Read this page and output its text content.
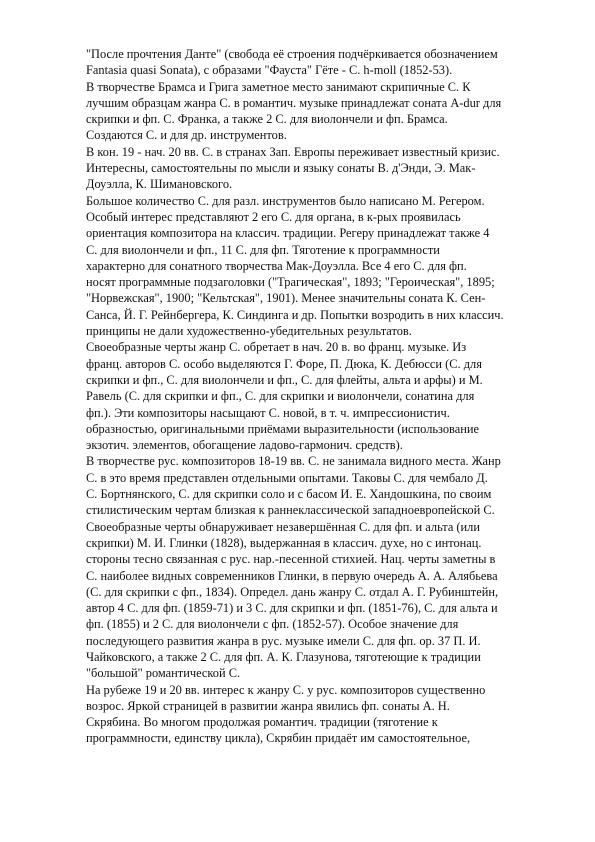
"После прочтения Данте" (свобода её строения подчёркивается обозначением
Fantasia quasi Sonata), с образами "Фауста" Гёте - С. h-moll (1852-53).
В творчестве Брамса и Грига заметное место занимают скрипичные С. К
лучшим образцам жанра С. в романтич. музыке принадлежат соната A-dur для
скрипки и фп. С. Франка, а также 2 С. для виолончели и фп. Брамса.
Создаются С. и для др. инструментов.
В кон. 19 - нач. 20 вв. С. в странах Зап. Европы переживает известный кризис.
Интересны, самостоятельны по мысли и языку сонаты В. д'Энди, Э. Мак-
Доуэлла, К. Шимановского.
Большое количество С. для разл. инструментов было написано М. Регером.
Особый интерес представляют 2 его С. для органа, в к-рых проявилась
ориентация композитора на классич. традиции. Регеру принадлежат также 4
С. для виолончели и фп., 11 С. для фп. Тяготение к программности
характерно для сонатного творчества Мак-Доуэлла. Все 4 его С. для фп.
носят программные подзаголовки ("Трагическая", 1893; "Героическая", 1895;
"Норвежская", 1900; "Кельтская", 1901). Менее значительны соната К. Сен-
Санса, Й. Г. Рейнбергера, К. Синдинга и др. Попытки возродить в них классич.
принципы не дали художественно-убедительных результатов.
Своеобразные черты жанр С. обретает в нач. 20 в. во франц. музыке. Из
франц. авторов С. особо выделяются Г. Форе, П. Дюка, К. Дебюсси (С. для
скрипки и фп., С. для виолончели и фп., С. для флейты, альта и арфы) и М.
Равель (С. для скрипки и фп., С. для скрипки и виолончели, сонатина для
фп.). Эти композиторы насыщают С. новой, в т. ч. импрессионистич.
образностью, оригинальными приёмами выразительности (использование
экзотич. элементов, обогащение ладово-гармонич. средств).
В творчестве рус. композиторов 18-19 вв. С. не занимала видного места. Жанр
С. в это время представлен отдельными опытами. Таковы С. для чембало Д.
С. Бортнянского, С. для скрипки соло и с басом И. Е. Хандошкина, по своим
стилистическим чертам близкая к раннеклассической западноевропейской С.
Своеобразные черты обнаруживает незавершённая С. для фп. и альта (или
скрипки) М. И. Глинки (1828), выдержанная в классич. духе, но с интонац.
стороны тесно связанная с рус. нар.-песенной стихией. Нац. черты заметны в
С. наиболее видных современников Глинки, в первую очередь А. А. Алябьева
(С. для скрипки с фп., 1834). Определ. дань жанру С. отдал А. Г. Рубинштейн,
автор 4 С. для фп. (1859-71) и 3 С. для скрипки и фп. (1851-76), С. для альта и
фп. (1855) и 2 С. для виолончели с фп. (1852-57). Особое значение для
последующего развития жанра в рус. музыке имели С. для фп. ор. 37 П. И.
Чайковского, а также 2 С. для фп. А. К. Глазунова, тяготеющие к традиции
"большой" романтической С.
На рубеже 19 и 20 вв. интерес к жанру С. у рус. композиторов существенно
возрос. Яркой страницей в развитии жанра явились фп. сонаты А. Н.
Скрябина. Во многом продолжая романтич. традиции (тяготение к
программности, единству цикла), Скрябин придаёт им самостоятельное,
